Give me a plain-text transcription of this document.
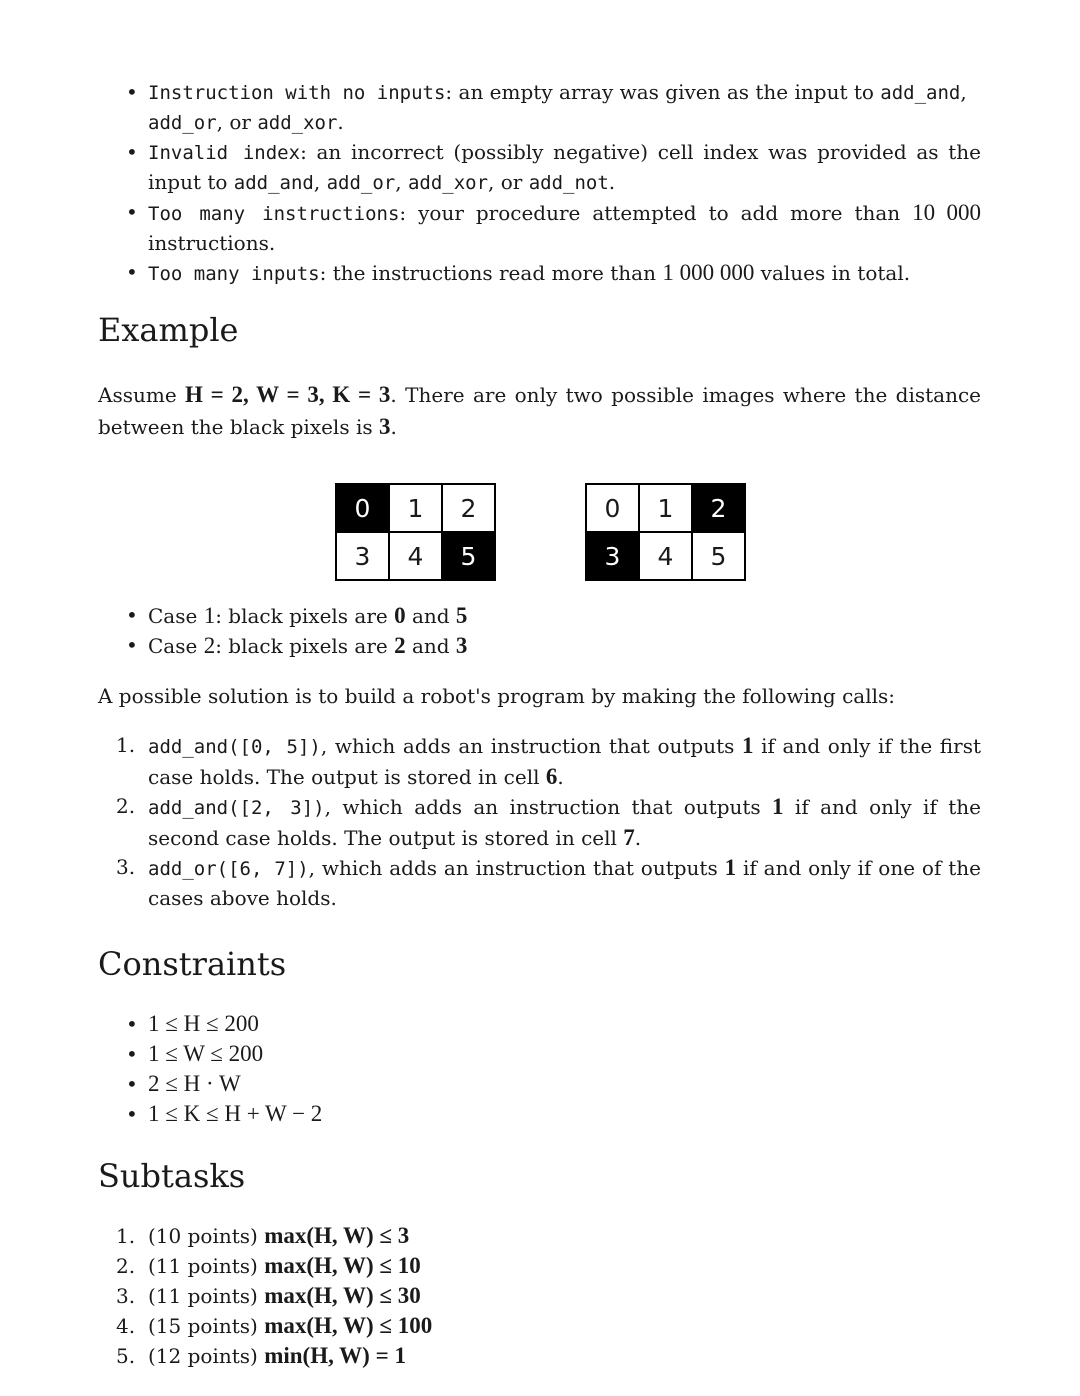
• Instruction with no inputs: an empty array was given as the input to add_and,
add_or, or add_xor.
• Invalid index: an incorrect (possibly negative) cell index was provided as the input to add_and, add_or, add_xor, or add_not.
• Too many instructions: your procedure attempted to add more than 10 000 instructions.
• Too many inputs: the instructions read more than 1 000 000 values in total.
Example

Assume H = 2, W = 3, K = 3. There are only two possible images where the distance between the black pixels is 3.

0	1	2
3	4	5
0	1	2
3	4	5
• Case 1: black pixels are 0 and 5
• Case 2: black pixels are 2 and 3

A possible solution is to build a robot's program by making the following calls:

1. add_and([0, 5]), which adds an instruction that outputs 1 if and only if the first case holds. The output is stored in cell 6.
2. add_and([2, 3]), which adds an instruction that outputs 1 if and only if the second case holds. The output is stored in cell 7.
3. add_or([6, 7]), which adds an instruction that outputs 1 if and only if one of the cases above holds.
Constraints
• 1 ≤ H ≤ 200
• 1 ≤ W ≤ 200
• 2 ≤ H · W
• 1 ≤ K ≤ H + W − 2
Subtasks
1. (10 points) max(H, W) ≤ 3
2. (11 points) max(H, W) ≤ 10
3. (11 points) max(H, W) ≤ 30
4. (15 points) max(H, W) ≤ 100
5. (12 points) min(H, W) = 1
